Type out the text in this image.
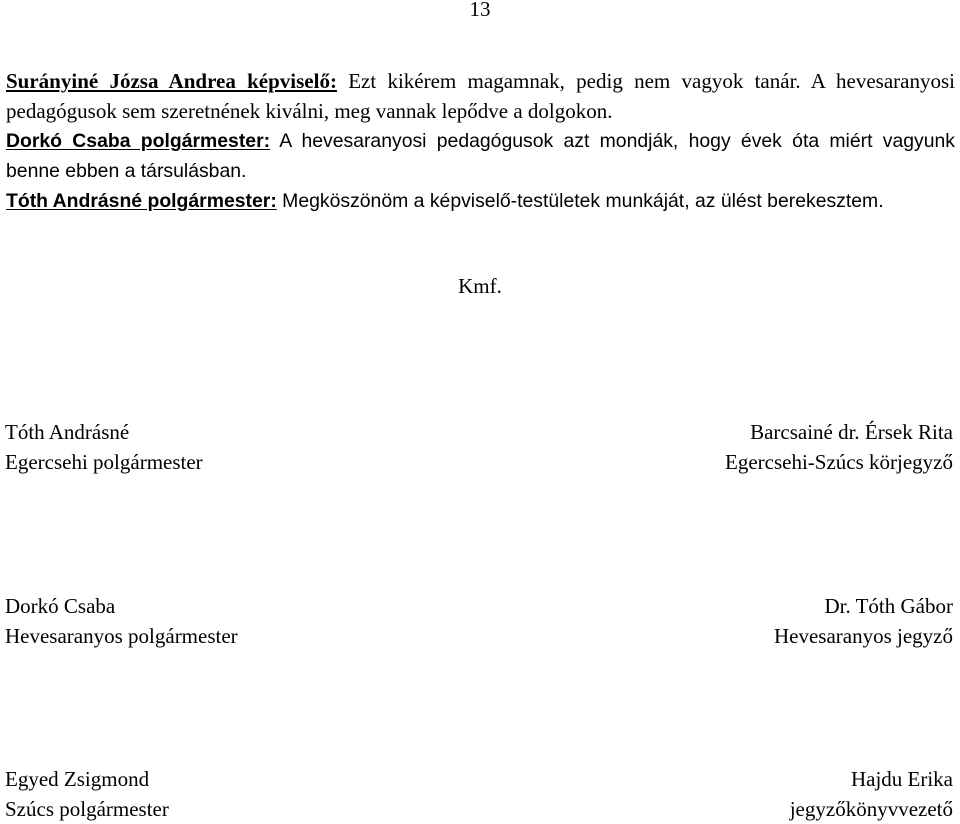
13

Surányiné Józsa Andrea képviselő: Ezt kikérem magamnak, pedig nem vagyok tanár. A hevesaranyosi pedagógusok sem szeretnének kiválni, meg vannak lepődve a dolgokon.

Dorkó Csaba polgármester: A hevesaranyosi pedagógusok azt mondják, hogy évek óta miért vagyunk benne ebben a társulásban.

Tóth Andrásné polgármester: Megköszönöm a képviselő-testületek munkáját, az ülést berekesztem.

Kmf.
Tóth Andrásné
Egercsehi polgármester
Barcsainé dr. Érsek Rita
Egercsehi-Szúcs körjegyző
Dorkó Csaba
Hevesaranyos polgármester
Dr. Tóth Gábor
Hevesaranyos jegyző
Egyed Zsigmond
Szúcs polgármester
Hajdu Erika
jegyzőkönyvvezető
